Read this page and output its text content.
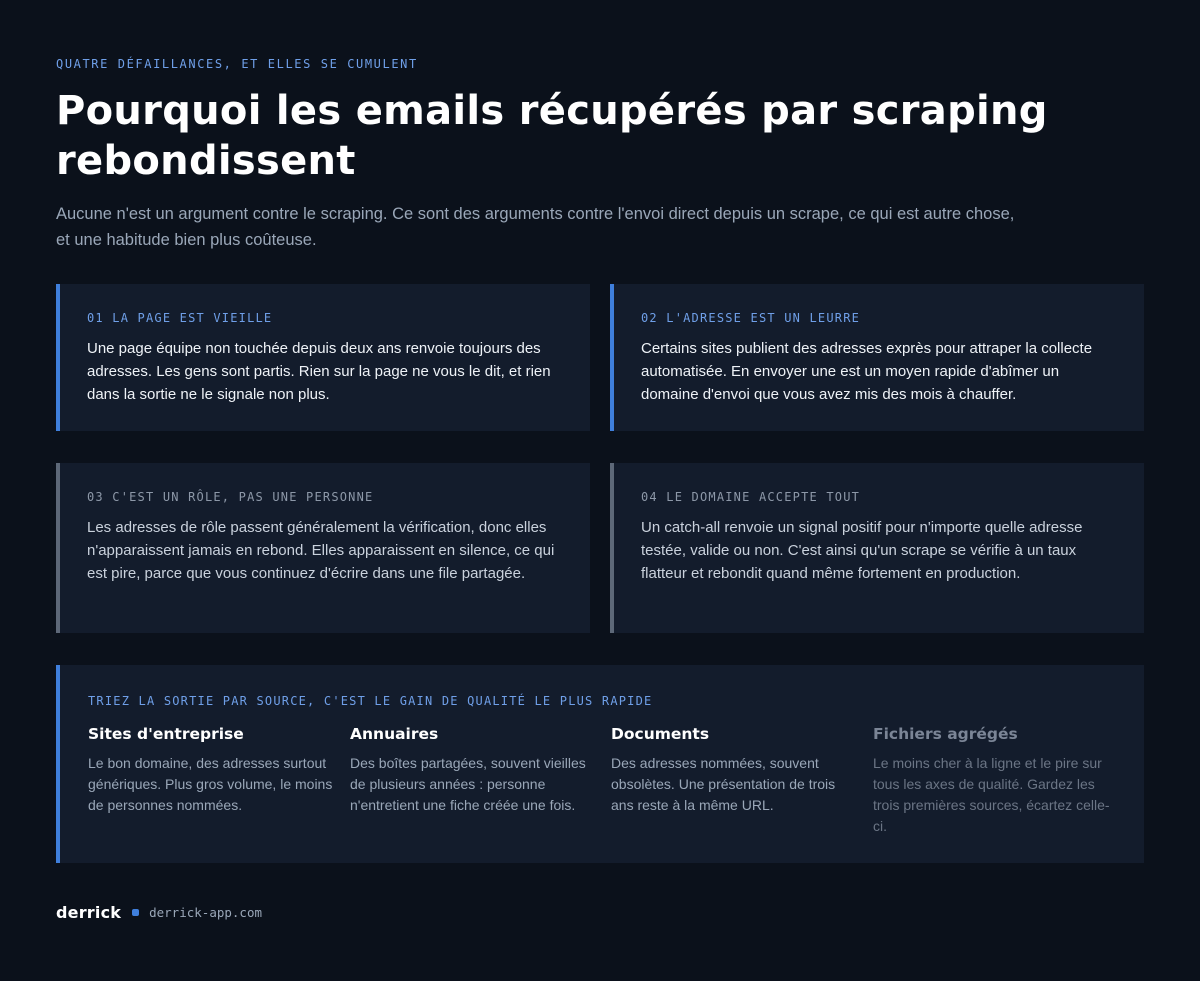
QUATRE DÉFAILLANCES, ET ELLES SE CUMULENT
Pourquoi les emails récupérés par scraping rebondissent

Aucune n'est un argument contre le scraping. Ce sont des arguments contre l'envoi direct depuis un scrape, ce qui est autre chose, et une habitude bien plus coûteuse.

01 LA PAGE EST VIEILLE

Une page équipe non touchée depuis deux ans renvoie toujours des adresses. Les gens sont partis. Rien sur la page ne vous le dit, et rien dans la sortie ne le signale non plus.

02 L'ADRESSE EST UN LEURRE

Certains sites publient des adresses exprès pour attraper la collecte automatisée. En envoyer une est un moyen rapide d'abîmer un domaine d'envoi que vous avez mis des mois à chauffer.

03 C'EST UN RÔLE, PAS UNE PERSONNE

Les adresses de rôle passent généralement la vérification, donc elles n'apparaissent jamais en rebond. Elles apparaissent en silence, ce qui est pire, parce que vous continuez d'écrire dans une file partagée.

04 LE DOMAINE ACCEPTE TOUT

Un catch-all renvoie un signal positif pour n'importe quelle adresse testée, valide ou non. C'est ainsi qu'un scrape se vérifie à un taux flatteur et rebondit quand même fortement en production.

TRIEZ LA SORTIE PAR SOURCE, C'EST LE GAIN DE QUALITÉ LE PLUS RAPIDE
Sites d'entreprise
Le bon domaine, des adresses surtout génériques. Plus gros volume, le moins de personnes nommées.
Annuaires
Des boîtes partagées, souvent vieilles de plusieurs années : personne n'entretient une fiche créée une fois.
Documents
Des adresses nommées, souvent obsolètes. Une présentation de trois ans reste à la même URL.
Fichiers agrégés
Le moins cher à la ligne et le pire sur tous les axes de qualité. Gardez les trois premières sources, écartez celle-ci.
derrick derrick-app.com
